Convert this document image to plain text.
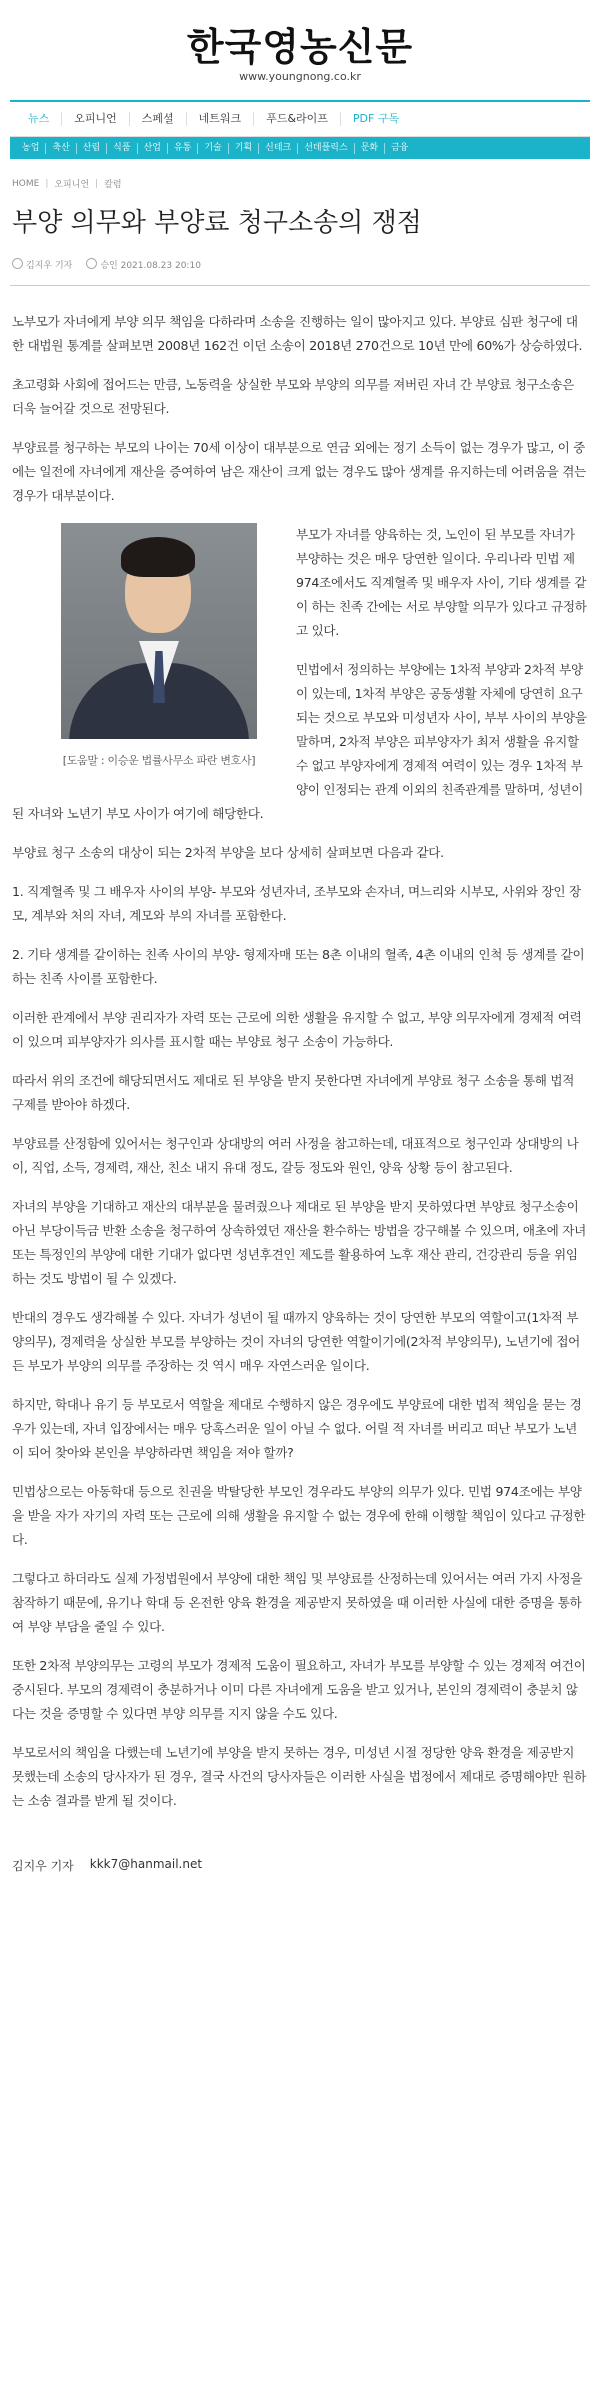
한국영농신문
www.youngnong.co.kr
뉴스	오피니언	스페셜	네트워크	푸드&라이프	PDF 구독
농업	축산	산림	식품	산업	유통	기술	기획	신테크	선데플릭스	문화	금융
HOME | 오피니언 | 칼럼
부양 의무와 부양료 청구소송의 쟁점
김지우 기자	승인 2021.08.23 20:10

노부모가 자녀에게 부양 의무 책임을 다하라며 소송을 진행하는 일이 많아지고 있다. 부양료 심판 청구에 대한 대법원 통계를 살펴보면 2008년 162건 이던 소송이 2018년 270건으로 10년 만에 60%가 상승하였다.

초고령화 사회에 접어드는 만큼, 노동력을 상실한 부모와 부양의 의무를 져버린 자녀 간 부양료 청구소송은 더욱 늘어갈 것으로 전망된다.

부양료를 청구하는 부모의 나이는 70세 이상이 대부분으로 연금 외에는 정기 소득이 없는 경우가 많고, 이 중에는 일전에 자녀에게 재산을 증여하여 남은 재산이 크게 없는 경우도 많아 생계를 유지하는데 어려움을 겪는 경우가 대부분이다.

[도움말 : 이승운 법률사무소 파란 변호사]

부모가 자녀를 양육하는 것, 노인이 된 부모를 자녀가 부양하는 것은 매우 당연한 일이다. 우리나라 민법 제974조에서도 직계혈족 및 배우자 사이, 기타 생계를 같이 하는 친족 간에는 서로 부양할 의무가 있다고 규정하고 있다.

민법에서 정의하는 부양에는 1차적 부양과 2차적 부양이 있는데, 1차적 부양은 공동생활 자체에 당연히 요구되는 것으로 부모와 미성년자 사이, 부부 사이의 부양을 말하며, 2차적 부양은 피부양자가 최저 생활을 유지할 수 없고 부양자에게 경제적 여력이 있는 경우 1차적 부양이 인정되는 관계 이외의 친족관계를 말하며, 성년이 된 자녀와 노년기 부모 사이가 여기에 해당한다.

부양료 청구 소송의 대상이 되는 2차적 부양을 보다 상세히 살펴보면 다음과 같다.

1. 직계혈족 및 그 배우자 사이의 부양- 부모와 성년자녀, 조부모와 손자녀, 며느리와 시부모, 사위와 장인 장모, 계부와 처의 자녀, 계모와 부의 자녀를 포함한다.

2. 기타 생계를 같이하는 친족 사이의 부양- 형제자매 또는 8촌 이내의 혈족, 4촌 이내의 인척 등 생계를 같이하는 친족 사이를 포함한다.

이러한 관계에서 부양 권리자가 자력 또는 근로에 의한 생활을 유지할 수 없고, 부양 의무자에게 경제적 여력이 있으며 피부양자가 의사를 표시할 때는 부양료 청구 소송이 가능하다.

따라서 위의 조건에 해당되면서도 제대로 된 부양을 받지 못한다면 자녀에게 부양료 청구 소송을 통해 법적 구제를 받아야 하겠다.

부양료를 산정함에 있어서는 청구인과 상대방의 여러 사정을 참고하는데, 대표적으로 청구인과 상대방의 나이, 직업, 소득, 경제력, 재산, 친소 내지 유대 정도, 갈등 정도와 원인, 양육 상황 등이 참고된다.

자녀의 부양을 기대하고 재산의 대부분을 물려줬으나 제대로 된 부양을 받지 못하였다면 부양료 청구소송이 아닌 부당이득금 반환 소송을 청구하여 상속하였던 재산을 환수하는 방법을 강구해볼 수 있으며, 애초에 자녀 또는 특정인의 부양에 대한 기대가 없다면 성년후견인 제도를 활용하여 노후 재산 관리, 건강관리 등을 위임하는 것도 방법이 될 수 있겠다.

반대의 경우도 생각해볼 수 있다. 자녀가 성년이 될 때까지 양육하는 것이 당연한 부모의 역할이고(1차적 부양의무), 경제력을 상실한 부모를 부양하는 것이 자녀의 당연한 역할이기에(2차적 부양의무), 노년기에 접어든 부모가 부양의 의무를 주장하는 것 역시 매우 자연스러운 일이다.

하지만, 학대나 유기 등 부모로서 역할을 제대로 수행하지 않은 경우에도 부양료에 대한 법적 책임을 묻는 경우가 있는데, 자녀 입장에서는 매우 당혹스러운 일이 아닐 수 없다. 어릴 적 자녀를 버리고 떠난 부모가 노년이 되어 찾아와 본인을 부양하라면 책임을 져야 할까?

민법상으로는 아동학대 등으로 친권을 박탈당한 부모인 경우라도 부양의 의무가 있다. 민법 974조에는 부양을 받을 자가 자기의 자력 또는 근로에 의해 생활을 유지할 수 없는 경우에 한해 이행할 책임이 있다고 규정한다.

그렇다고 하더라도 실제 가정법원에서 부양에 대한 책임 및 부양료를 산정하는데 있어서는 여러 가지 사정을 참작하기 때문에, 유기나 학대 등 온전한 양육 환경을 제공받지 못하였을 때 이러한 사실에 대한 증명을 통하여 부양 부담을 줄일 수 있다.

또한 2차적 부양의무는 고령의 부모가 경제적 도움이 필요하고, 자녀가 부모를 부양할 수 있는 경제적 여건이 중시된다. 부모의 경제력이 충분하거나 이미 다른 자녀에게 도움을 받고 있거나, 본인의 경제력이 충분치 않다는 것을 증명할 수 있다면 부양 의무를 지지 않을 수도 있다.

부모로서의 책임을 다했는데 노년기에 부양을 받지 못하는 경우, 미성년 시절 정당한 양육 환경을 제공받지 못했는데 소송의 당사자가 된 경우, 결국 사건의 당사자들은 이러한 사실을 법정에서 제대로 증명해야만 원하는 소송 결과를 받게 될 것이다.

김지우 기자 kkk7@hanmail.net
